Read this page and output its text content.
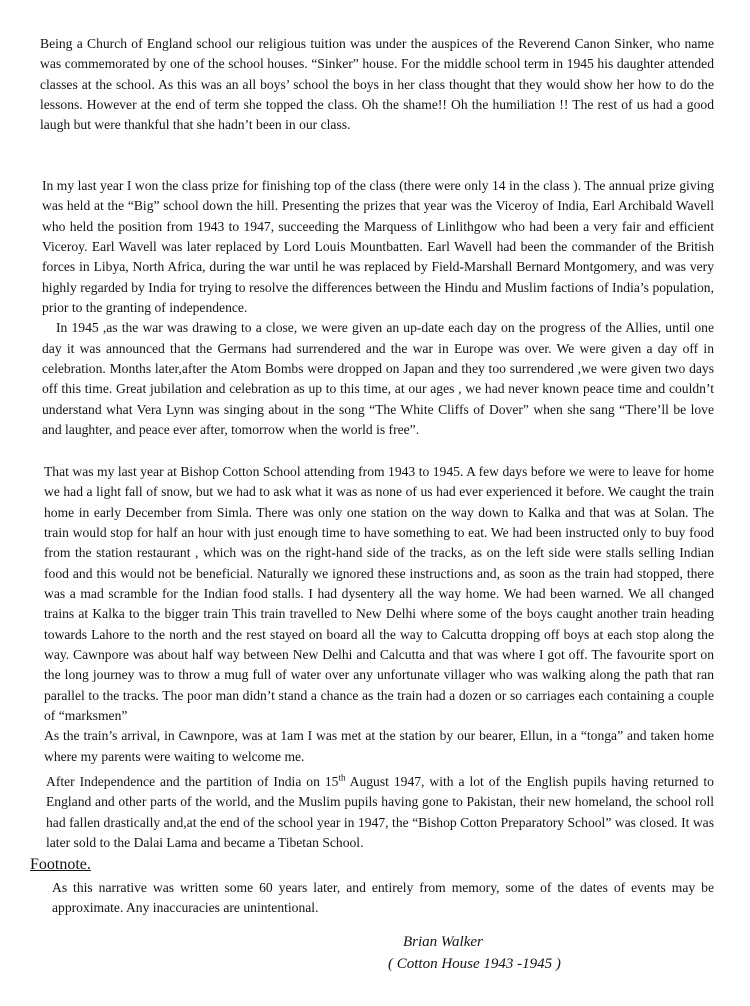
Being a Church of England school our religious tuition was under the auspices of the Reverend Canon Sinker, who name was commemorated by one of the school houses. “Sinker” house. For the middle school term in 1945 his daughter attended classes at the school. As this was an all boys’ school the boys in her class thought that they would show her how to do the lessons. However at the end of term she topped the class. Oh the shame!! Oh the humiliation !! The rest of us had a good laugh but were thankful that she hadn’t been in our class.

In my last year I won the class prize for finishing top of the class (there were only 14 in the class ). The annual prize giving was held at the “Big” school down the hill. Presenting the prizes that year was the Viceroy of India, Earl Archibald Wavell who held the position from 1943 to 1947, succeeding the Marquess of Linlithgow who had been a very fair and efficient Viceroy. Earl Wavell was later replaced by Lord Louis Mountbatten. Earl Wavell had been the commander of the British forces in Libya, North Africa, during the war until he was replaced by Field-Marshall Bernard Montgomery, and was very highly regarded by India for trying to resolve the differences between the Hindu and Muslim factions of India’s population, prior to the granting of independence.
In 1945 ,as the war was drawing to a close, we were given an up-date each day on the progress of the Allies, until one day it was announced that the Germans had surrendered and the war in Europe was over. We were given a day off in celebration. Months later,after the Atom Bombs were dropped on Japan and they too surrendered ,we were given two days off this time. Great jubilation and celebration as up to this time, at our ages , we had never known peace time and couldn’t understand what Vera Lynn was singing about in the song “The White Cliffs of Dover” when she sang “There’ll be love and laughter, and peace ever after, tomorrow when the world is free”.
That was my last year at Bishop Cotton School attending from 1943 to 1945. A few days before we were to leave for home we had a light fall of snow, but we had to ask what it was as none of us had ever experienced it before. We caught the train home in early December from Simla. There was only one station on the way down to Kalka and that was at Solan. The train would stop for half an hour with just enough time to have something to eat. We had been instructed only to buy food from the station restaurant , which was on the right-hand side of the tracks, as on the left side were stalls selling Indian food and this would not be beneficial. Naturally we ignored these instructions and, as soon as the train had stopped, there was a mad scramble for the Indian food stalls. I had dysentery all the way home. We had been warned. We all changed trains at Kalka to the bigger train This train travelled to New Delhi where some of the boys caught another train heading towards Lahore to the north and the rest stayed on board all the way to Calcutta dropping off boys at each stop along the way. Cawnpore was about half way between New Delhi and Calcutta and that was where I got off. The favourite sport on the long journey was to throw a mug full of water over any unfortunate villager who was walking along the path that ran parallel to the tracks. The poor man didn’t stand a chance as the train had a dozen or so carriages each containing a couple of “marksmen”
As the train’s arrival, in Cawnpore, was at 1am I was met at the station by our bearer, Ellun, in a “tonga” and taken home where my parents were waiting to welcome me.
After Independence and the partition of India on 15th August 1947, with a lot of the English pupils having returned to England and other parts of the world, and the Muslim pupils having gone to Pakistan, their new homeland, the school roll had fallen drastically and,at the end of the school year in 1947, the “Bishop Cotton Preparatory School” was closed. It was later sold to the Dalai Lama and became a Tibetan School.
Footnote.
As this narrative was written some 60 years later, and entirely from memory, some of the dates of events may be approximate. Any inaccuracies are unintentional.
Brian Walker
( Cotton House 1943 -1945 )
